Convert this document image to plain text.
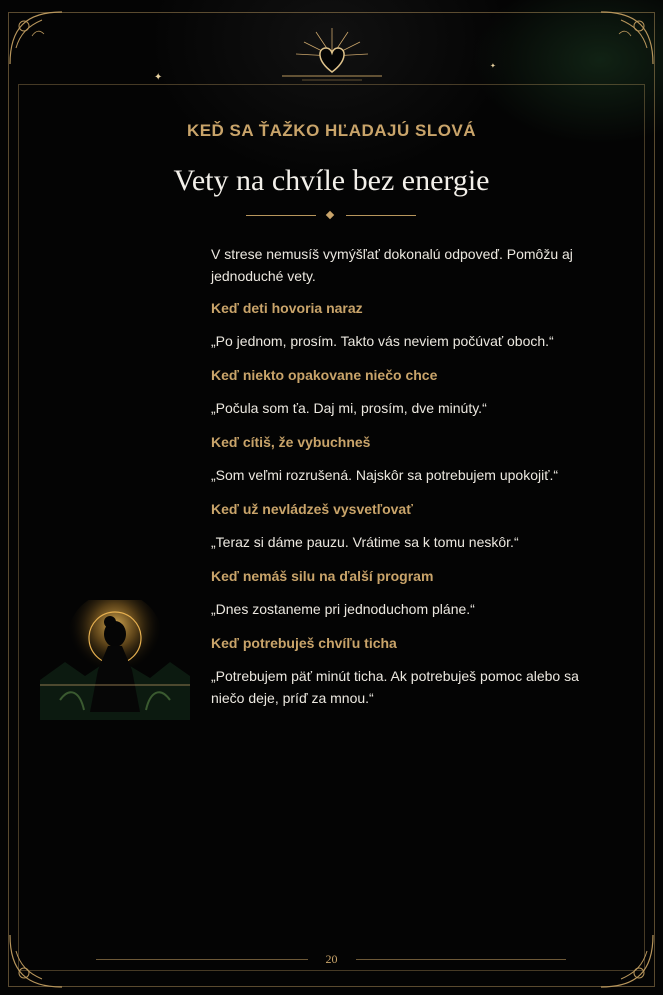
✦
✦
KEĎ SA ŤAŽKO HĽADAJÚ SLOVÁ
Vety na chvíle bez energie

V strese nemusíš vymýšľať dokonalú odpoveď. Pomôžu aj jednoduché vety.

Keď deti hovoria naraz
„Po jednom, prosím. Takto vás neviem počúvať oboch.“
Keď niekto opakovane niečo chce
„Počula som ťa. Daj mi, prosím, dve minúty.“
Keď cítiš, že vybuchneš
„Som veľmi rozrušená. Najskôr sa potrebujem upokojiť.“
Keď už nevládzeš vysvetľovať
„Teraz si dáme pauzu. Vrátime sa k tomu neskôr.“
Keď nemáš silu na ďalší program
„Dnes zostaneme pri jednoduchom pláne.“
Keď potrebuješ chvíľu ticha
„Potrebujem päť minút ticha. Ak potrebuješ pomoc alebo sa niečo deje, príď za mnou.“
20
